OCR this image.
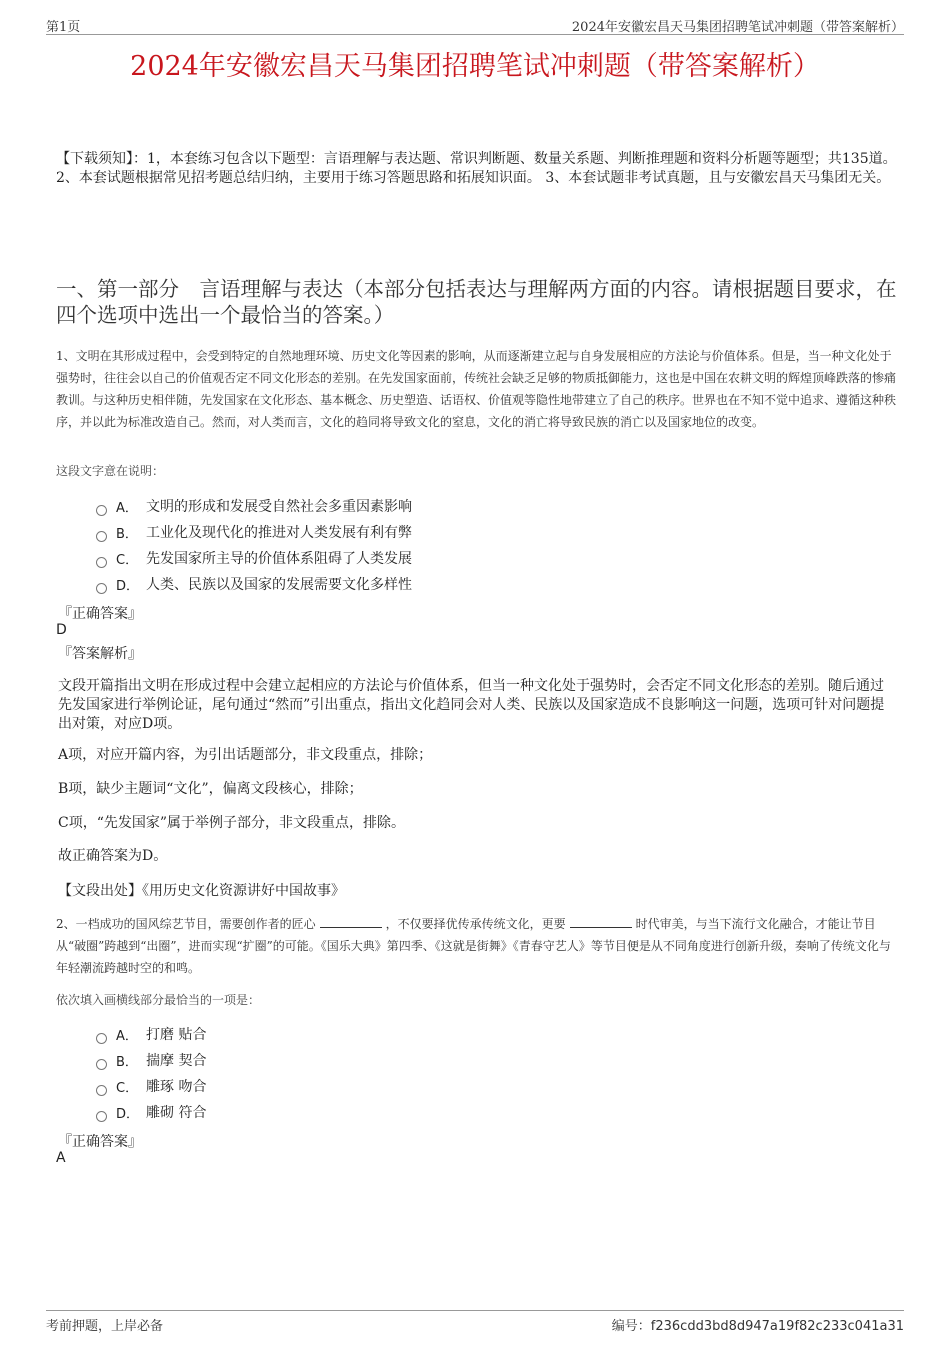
第1页	2024年安徽宏昌天马集团招聘笔试冲刺题（带答案解析）
2024年安徽宏昌天马集团招聘笔试冲刺题（带答案解析）
【下载须知】：1，本套练习包含以下题型：言语理解与表达题、常识判断题、数量关系题、判断推理题和资料分析题等题型；共135道。 2、本套试题根据常见招考题总结归纳，主要用于练习答题思路和拓展知识面。 3、本套试题非考试真题，且与安徽宏昌天马集团无关。
一、第一部分　言语理解与表达（本部分包括表达与理解两方面的内容。请根据题目要求，在四个选项中选出一个最恰当的答案。）
1、文明在其形成过程中，会受到特定的自然地理环境、历史文化等因素的影响，从而逐渐建立起与自身发展相应的方法论与价值体系。但是，当一种文化处于强势时，往往会以自己的价值观否定不同文化形态的差别。在先发国家面前，传统社会缺乏足够的物质抵御能力，这也是中国在农耕文明的辉煌顶峰跌落的惨痛教训。与这种历史相伴随，先发国家在文化形态、基本概念、历史塑造、话语权、价值观等隐性地带建立了自己的秩序。世界也在不知不觉中追求、遵循这种秩序，并以此为标准改造自己。然而，对人类而言，文化的趋同将导致文化的窒息，文化的消亡将导致民族的消亡以及国家地位的改变。
这段文字意在说明：
A． 文明的形成和发展受自然社会多重因素影响
B． 工业化及现代化的推进对人类发展有利有弊
C． 先发国家所主导的价值体系阻碍了人类发展
D． 人类、民族以及国家的发展需要文化多样性
『正确答案』
D
『答案解析』
文段开篇指出文明在形成过程中会建立起相应的方法论与价值体系，但当一种文化处于强势时，会否定不同文化形态的差别。随后通过先发国家进行举例论证，尾句通过“然而”引出重点，指出文化趋同会对人类、民族以及国家造成不良影响这一问题，选项可针对问题提出对策，对应D项。
A项，对应开篇内容，为引出话题部分，非文段重点，排除；
B项，缺少主题词“文化”，偏离文段核心，排除；
C项，“先发国家”属于举例子部分，非文段重点，排除。
故正确答案为D。
【文段出处】《用历史文化资源讲好中国故事》
2、一档成功的国风综艺节目，需要创作者的匠心	，不仅要择优传承传统文化，更要	时代审美，与当下流行文化融合，才能让节目从“破圈”跨越到“出圈”，进而实现“扩圈”的可能。《国乐大典》第四季、《这就是街舞》《青春守艺人》等节目便是从不同角度进行创新升级，奏响了传统文化与年轻潮流跨越时空的和鸣。
依次填入画横线部分最恰当的一项是：
A． 打磨 贴合
B． 揣摩 契合
C． 雕琢 吻合
D． 雕砌 符合
『正确答案』
A
考前押题，上岸必备	编号：f236cdd3bd8d947a19f82c233c041a31
